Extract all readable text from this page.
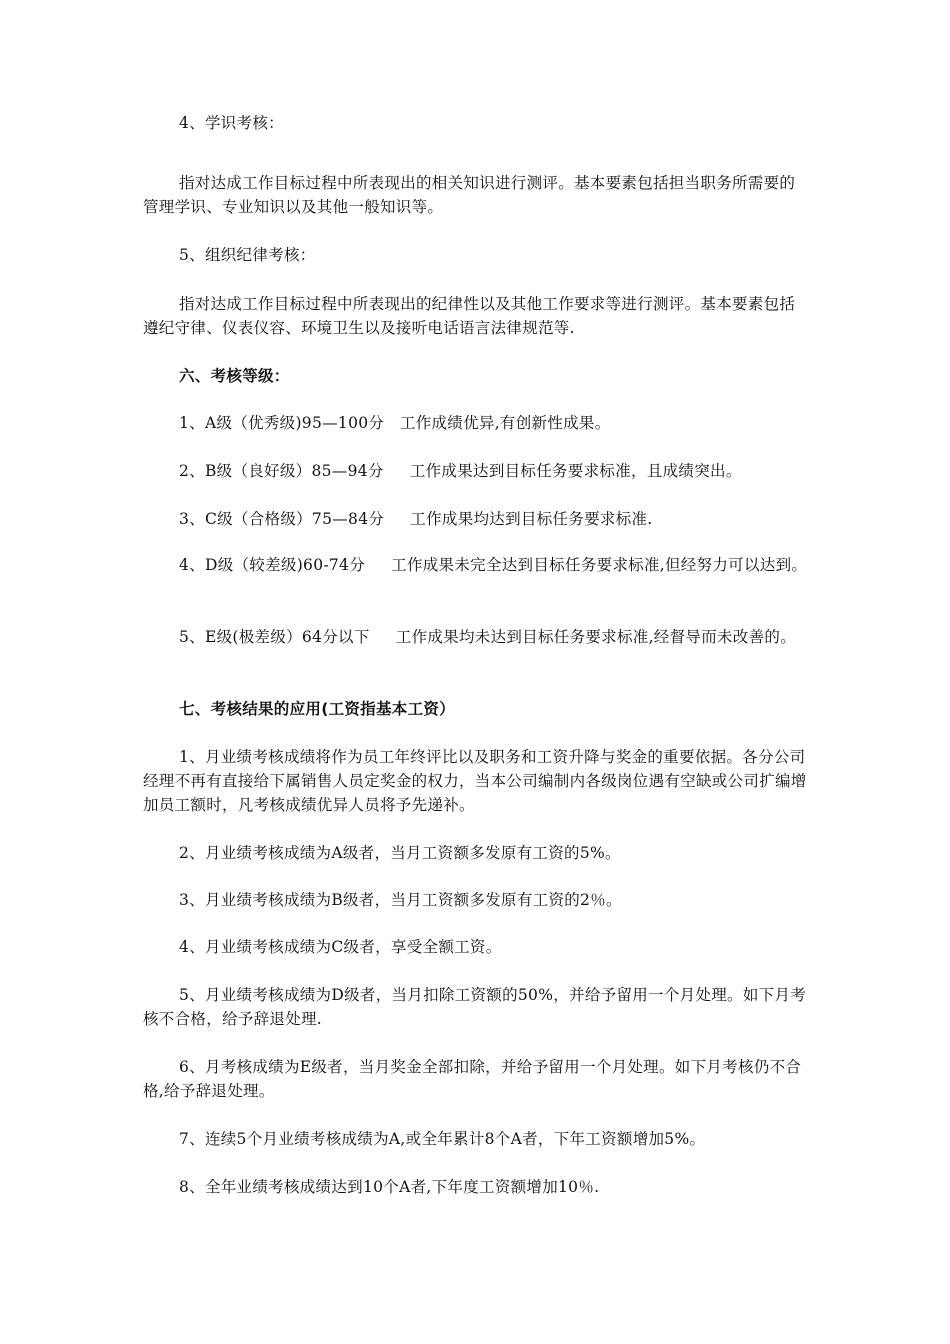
4、学识考核：

指对达成工作目标过程中所表现出的相关知识进行测评。基本要素包括担当职务所需要的管理学识、专业知识以及其他一般知识等。

5、组织纪律考核：

指对达成工作目标过程中所表现出的纪律性以及其他工作要求等进行测评。基本要素包括遵纪守律、仪表仪容、环境卫生以及接听电话语言法律规范等.

六、考核等级：

1、A级（优秀级)95—100分   工作成绩优异,有创新性成果。

2、B级（良好级）85—94分     工作成果达到目标任务要求标准，且成绩突出。

3、C级（合格级）75—84分     工作成果均达到目标任务要求标准.

4、D级（较差级)60-74分     工作成果未完全达到目标任务要求标准,但经努力可以达到。

5、E级(极差级）64分以下     工作成果均未达到目标任务要求标准,经督导而未改善的。

七、考核结果的应用(工资指基本工资）

1、月业绩考核成绩将作为员工年终评比以及职务和工资升降与奖金的重要依据。各分公司经理不再有直接给下属销售人员定奖金的权力，当本公司编制内各级岗位遇有空缺或公司扩编增加员工额时，凡考核成绩优异人员将予先递补。

2、月业绩考核成绩为A级者，当月工资额多发原有工资的5%。

3、月业绩考核成绩为B级者，当月工资额多发原有工资的2％。

4、月业绩考核成绩为C级者，享受全额工资。

5、月业绩考核成绩为D级者，当月扣除工资额的50%，并给予留用一个月处理。如下月考核不合格，给予辞退处理.

6、月考核成绩为E级者，当月奖金全部扣除，并给予留用一个月处理。如下月考核仍不合格,给予辞退处理。

7、连续5个月业绩考核成绩为A,或全年累计8个A者，下年工资额增加5%。

8、全年业绩考核成绩达到10个A者,下年度工资额增加10％.
